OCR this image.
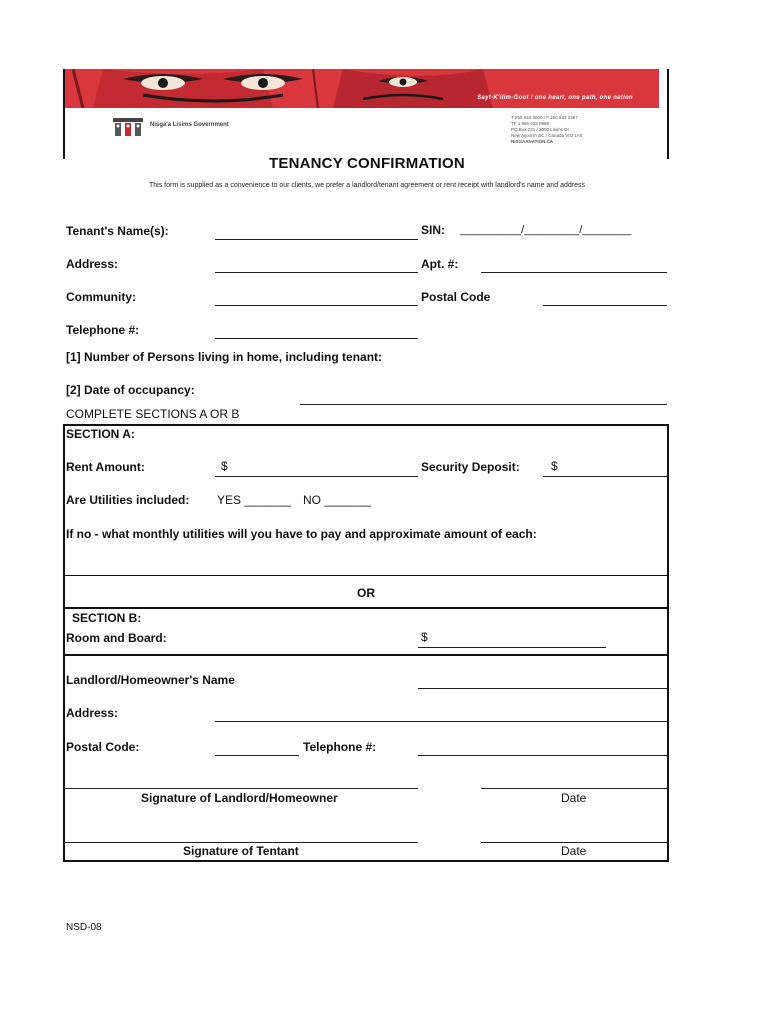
Sayt-K'ilim-Goot / one heart, one path, one nation
Nisga'a Lisims Government
T 250 633 3000 / F 250 633 2367
TF 1 866 633 0888
PO Box 231 / 2000 Lisims Dr
New Aiyansh BC / Canada V0J 1A0
NISGAANATION.CA
TENANCY CONFIRMATION
This form is supplied as a convenience to our clients, we prefer a landlord/tenant agreement or rent receipt with landlord's name and address
Tenant's Name(s):	SIN: __________/_________/________
Address:	Apt. #:
Community:	Postal Code
Telephone #:
[1] Number of Persons living in home, including tenant:
[2] Date of occupancy:
COMPLETE SECTIONS A OR B
SECTION A:
Rent Amount:	$	Security Deposit:	$
Are Utilities included: YES _______ NO _______
If no - what monthly utilities will you have to pay and approximate amount of each:
OR
SECTION B:
Room and Board:	$
Landlord/Homeowner's Name
Address:
Postal Code:	Telephone #:
Signature of Landlord/Homeowner	Date
Signature of Tentant	Date
NSD-08
